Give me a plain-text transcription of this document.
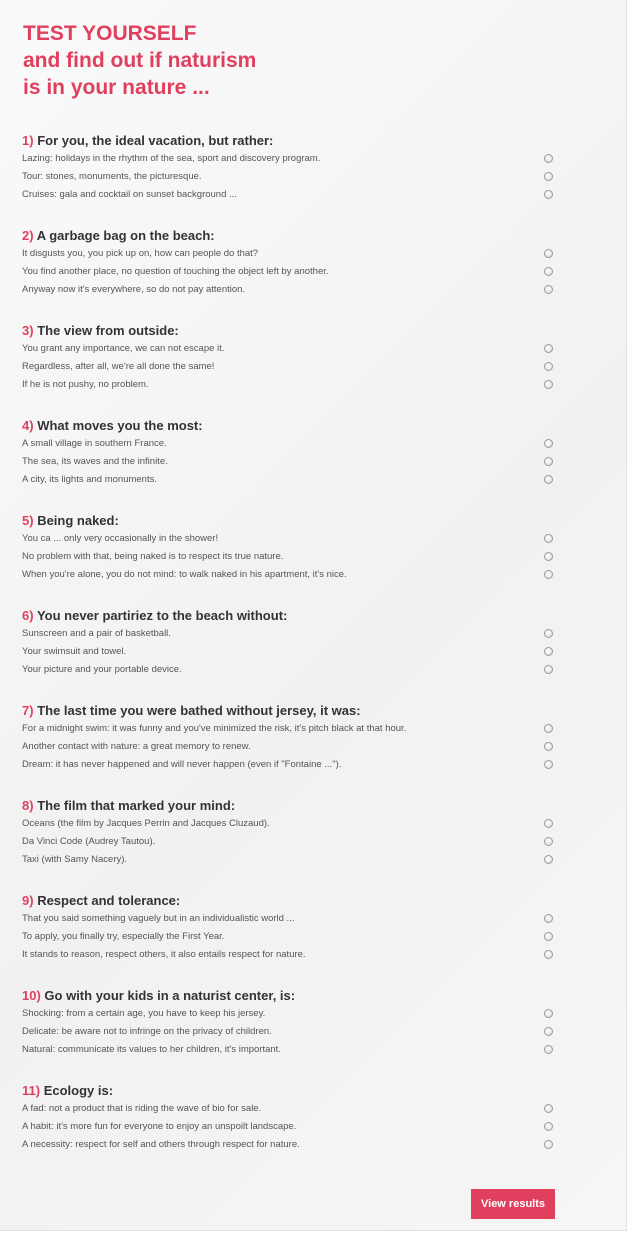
TEST YOURSELF
and find out if naturism
is in your nature ...
1) For you, the ideal vacation, but rather:
Lazing: holidays in the rhythm of the sea, sport and discovery program.
Tour: stones, monuments, the picturesque.
Cruises: gala and cocktail on sunset background ...
2) A garbage bag on the beach:
It disgusts you, you pick up on, how can people do that?
You find another place, no question of touching the object left by another.
Anyway now it's everywhere, so do not pay attention.
3) The view from outside:
You grant any importance, we can not escape it.
Regardless, after all, we're all done the same!
If he is not pushy, no problem.
4) What moves you the most:
A small village in southern France.
The sea, its waves and the infinite.
A city, its lights and monuments.
5) Being naked:
You ca ... only very occasionally in the shower!
No problem with that, being naked is to respect its true nature.
When you're alone, you do not mind: to walk naked in his apartment, it's nice.
6) You never partiriez to the beach without:
Sunscreen and a pair of basketball.
Your swimsuit and towel.
Your picture and your portable device.
7) The last time you were bathed without jersey, it was:
For a midnight swim: it was funny and you've minimized the risk, it's pitch black at that hour.
Another contact with nature: a great memory to renew.
Dream: it has never happened and will never happen (even if "Fontaine ...").
8) The film that marked your mind:
Oceans (the film by Jacques Perrin and Jacques Cluzaud).
Da Vinci Code (Audrey Tautou).
Taxi (with Samy Nacery).
9) Respect and tolerance:
That you said something vaguely but in an individualistic world ...
To apply, you finally try, especially the First Year.
It stands to reason, respect others, it also entails respect for nature.
10) Go with your kids in a naturist center, is:
Shocking: from a certain age, you have to keep his jersey.
Delicate: be aware not to infringe on the privacy of children.
Natural: communicate its values to her children, it's important.
11) Ecology is:
A fad: not a product that is riding the wave of bio for sale.
A habit: it's more fun for everyone to enjoy an unspoilt landscape.
A necessity: respect for self and others through respect for nature.
View results
